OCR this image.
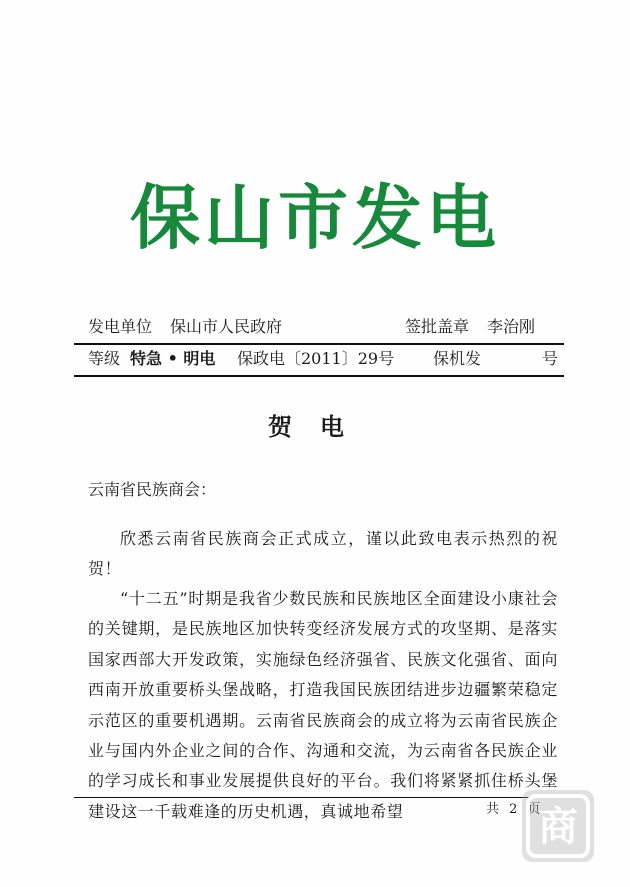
保山市发电
发电单位 保山市人民政府	签批盖章 李治刚
等级 特急 • 明电 保政电〔2011〕29号 保机发	号
贺电
云南省民族商会：

欣悉云南省民族商会正式成立，谨以此致电表示热烈的祝贺！

“十二五”时期是我省少数民族和民族地区全面建设小康社会的关键期，是民族地区加快转变经济发展方式的攻坚期、是落实国家西部大开发政策，实施绿色经济强省、民族文化强省、面向西南开放重要桥头堡战略，打造我国民族团结进步边疆繁荣稳定示范区的重要机遇期。云南省民族商会的成立将为云南省民族企业与国内外企业之间的合作、沟通和交流，为云南省各民族企业的学习成长和事业发展提供良好的平台。我们将紧紧抓住桥头堡建设这一千载难逢的历史机遇，真诚地希望	共 2 页
商
